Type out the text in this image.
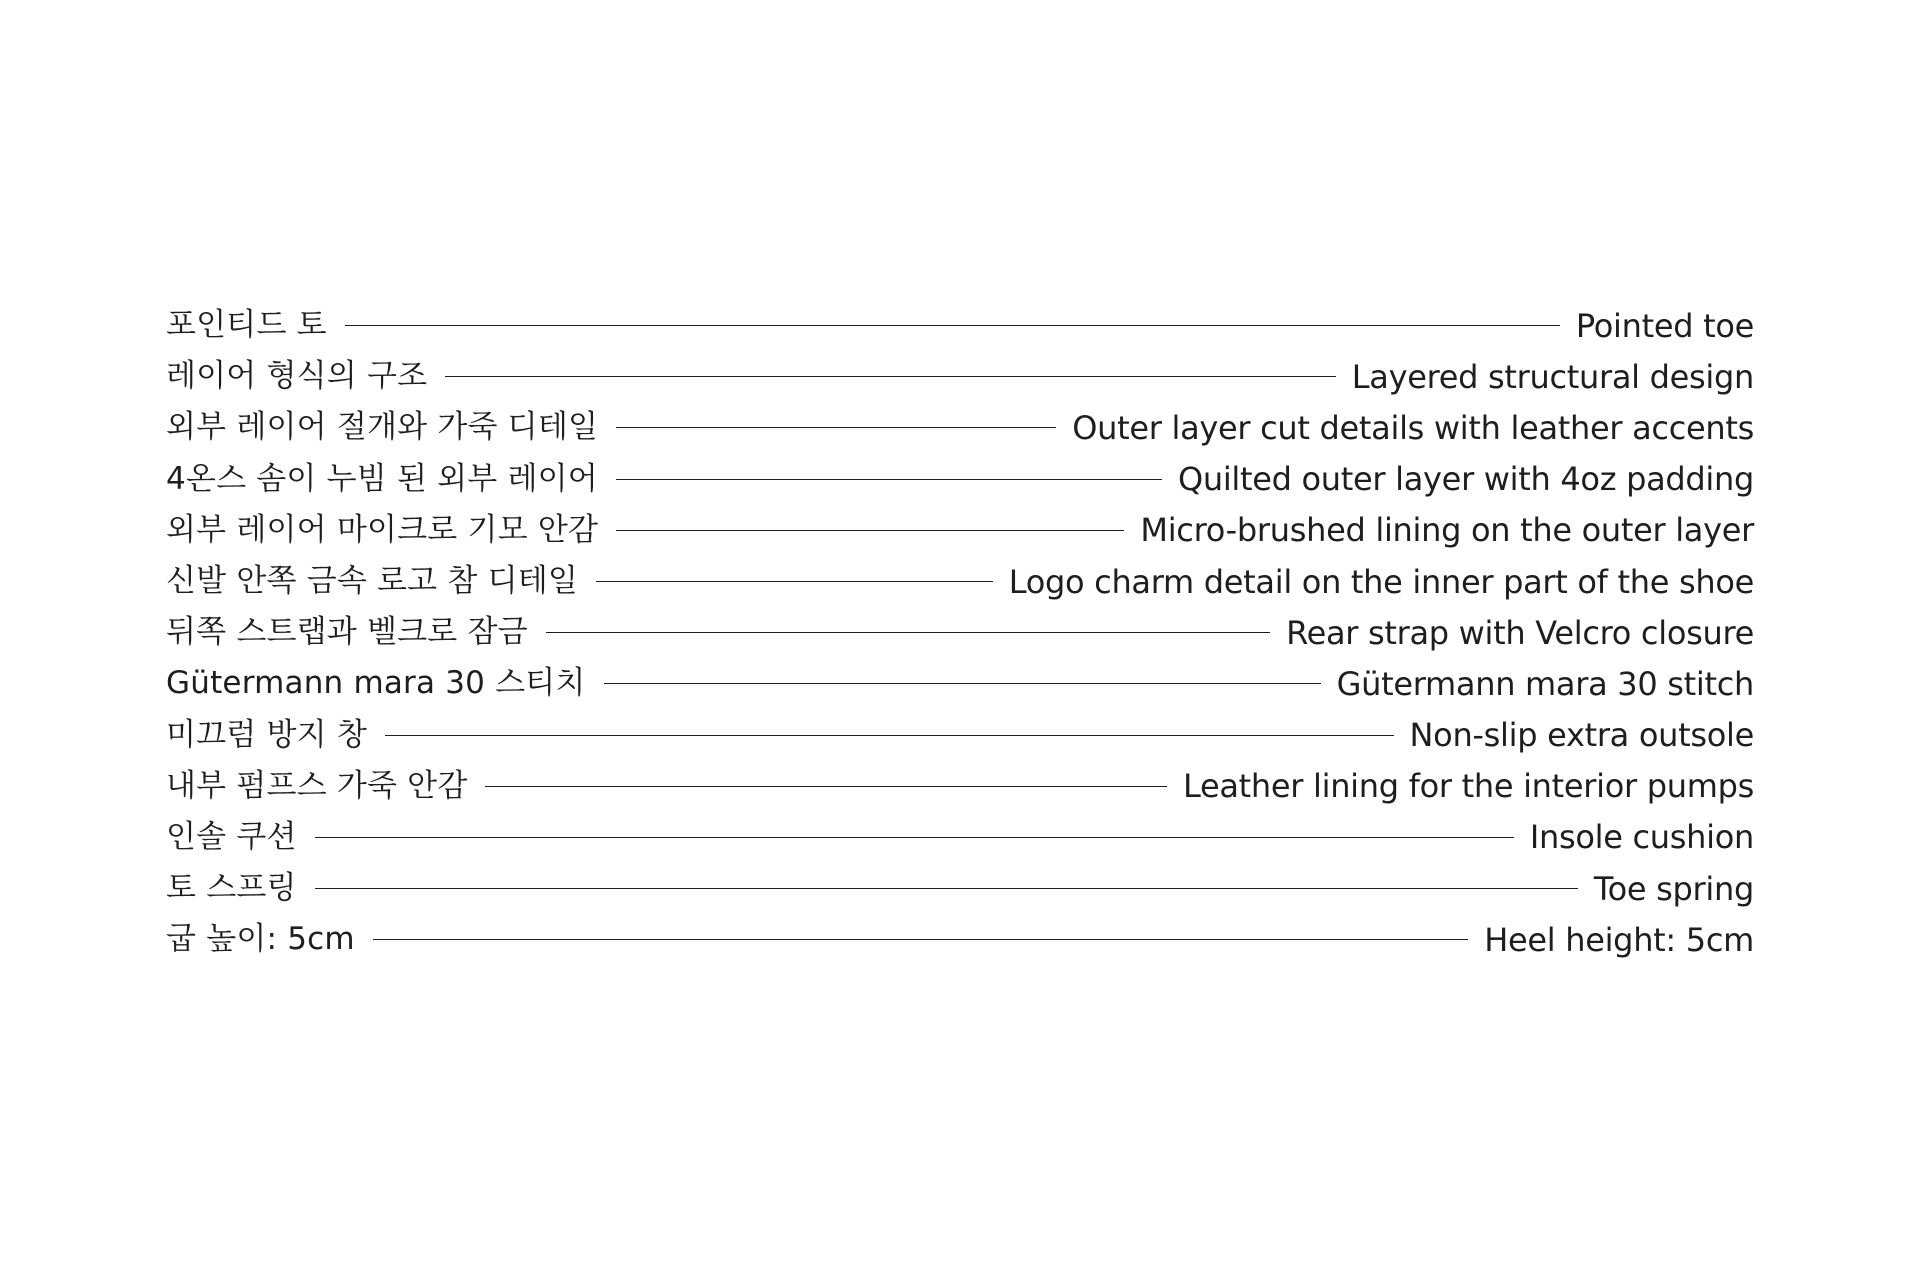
포인티드 토	Pointed toe
레이어 형식의 구조	Layered structural design
외부 레이어 절개와 가죽 디테일	Outer layer cut details with leather accents
4온스 솜이 누빔 된 외부 레이어	Quilted outer layer with 4oz padding
외부 레이어 마이크로 기모 안감	Micro-brushed lining on the outer layer
신발 안쪽 금속 로고 참 디테일	Logo charm detail on the inner part of the shoe
뒤쪽 스트랩과 벨크로 잠금	Rear strap with Velcro closure
Gütermann mara 30 스티치	Gütermann mara 30 stitch
미끄럼 방지 창	Non-slip extra outsole
내부 펌프스 가죽 안감	Leather lining for the interior pumps
인솔 쿠션	Insole cushion
토 스프링	Toe spring
굽 높이: 5cm	Heel height: 5cm
